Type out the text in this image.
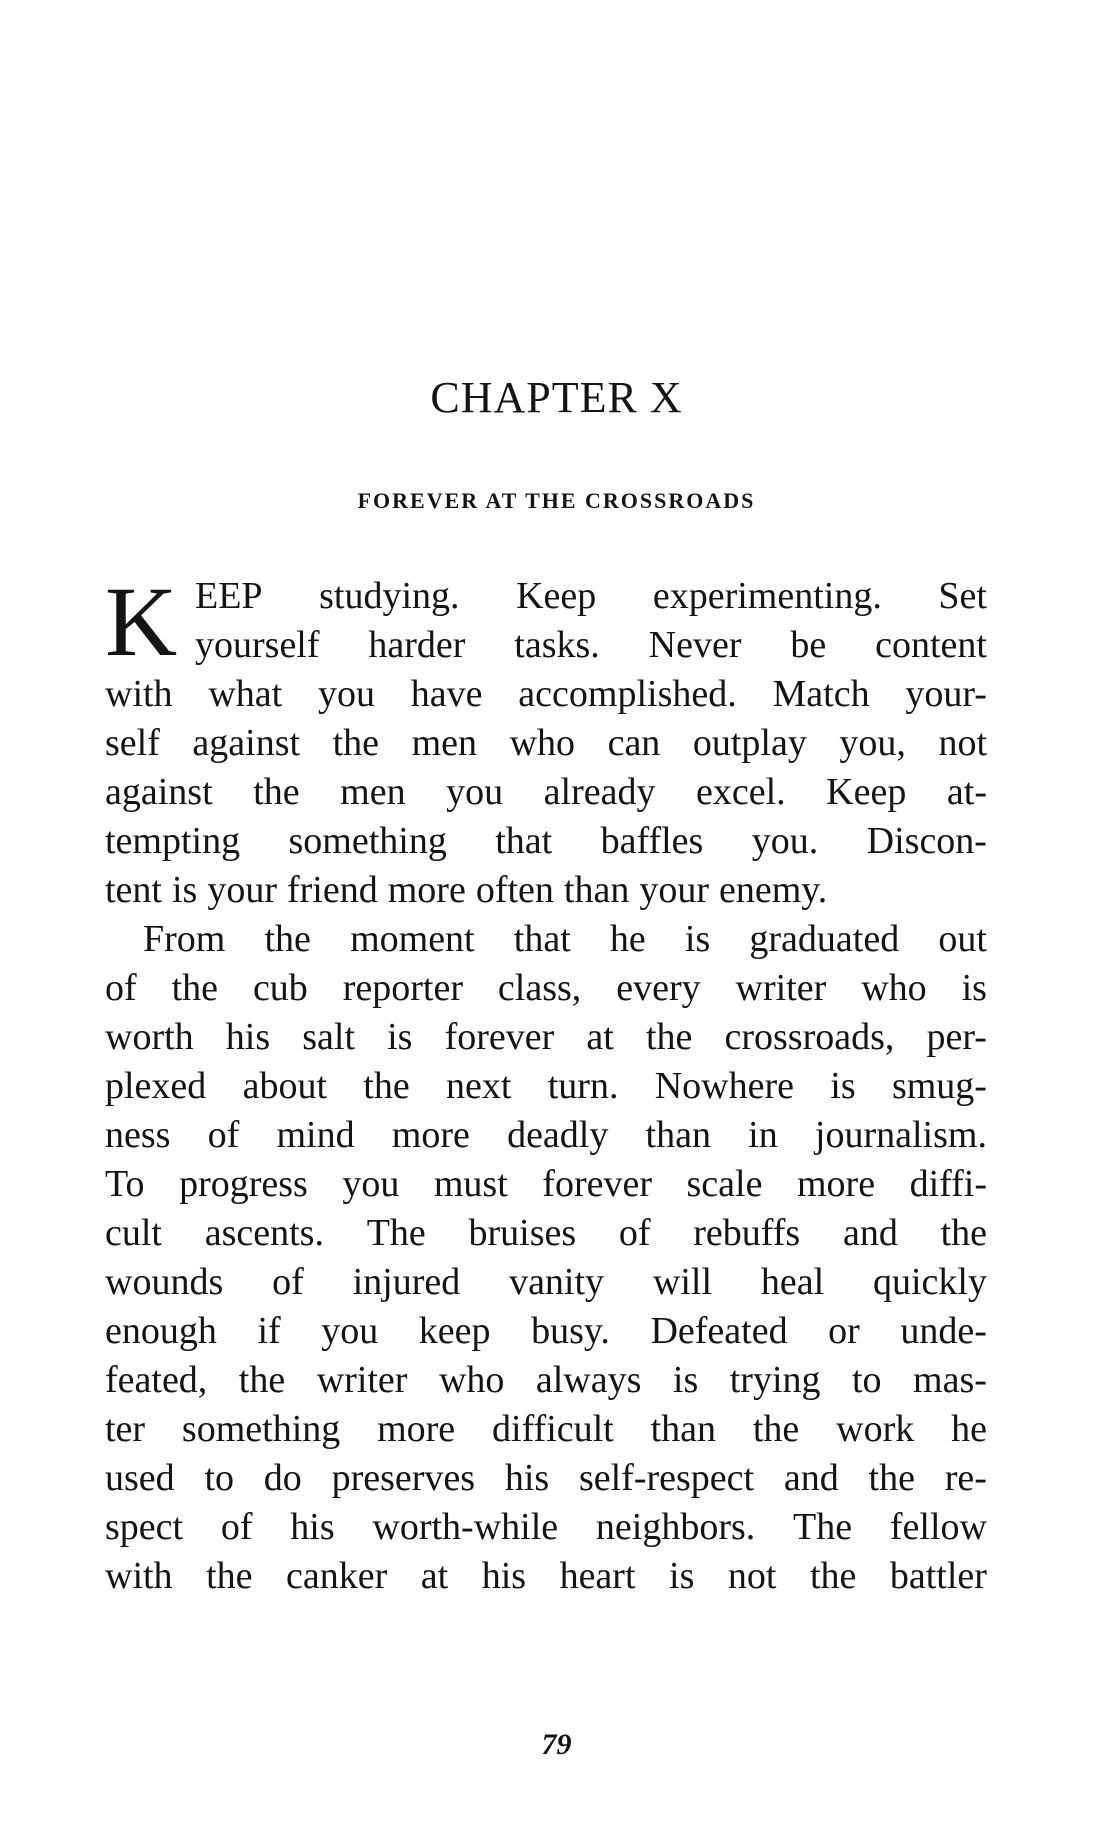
CHAPTER X
FOREVER AT THE CROSSROADS
K EEP studying. Keep experimenting. Set
yourself harder tasks. Never be content
with what you have accomplished. Match your-
self against the men who can outplay you, not
against the men you already excel. Keep at-
tempting something that baffles you. Discon-
tent is your friend more often than your enemy.
From the moment that he is graduated out
of the cub reporter class, every writer who is
worth his salt is forever at the crossroads, per-
plexed about the next turn. Nowhere is smug-
ness of mind more deadly than in journalism.
To progress you must forever scale more diffi-
cult ascents. The bruises of rebuffs and the
wounds of injured vanity will heal quickly
enough if you keep busy. Defeated or unde-
feated, the writer who always is trying to mas-
ter something more difficult than the work he
used to do preserves his self-respect and the re-
spect of his worth-while neighbors. The fellow
with the canker at his heart is not the battler
79
